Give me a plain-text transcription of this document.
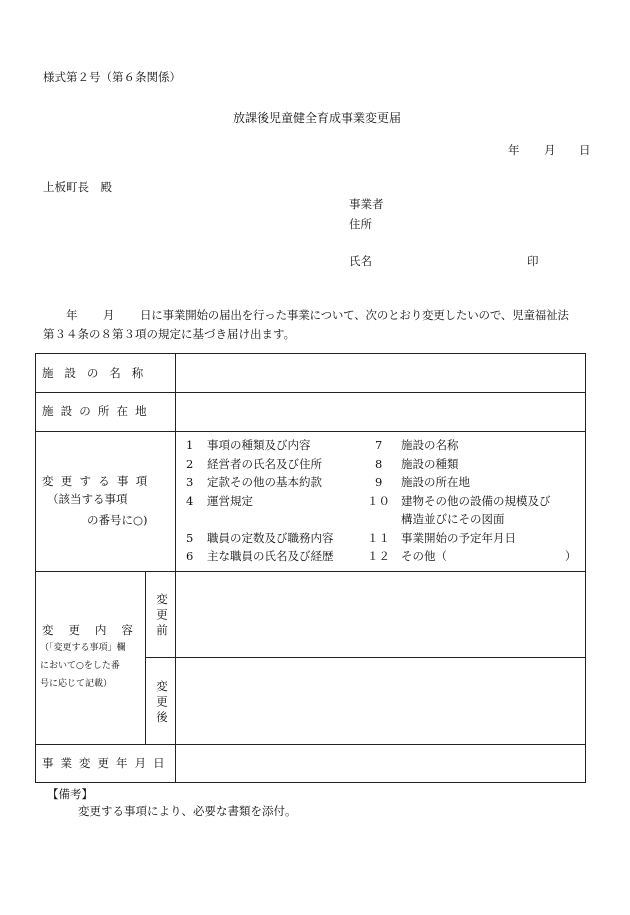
様式第２号（第６条関係）
放課後児童健全育成事業変更届
年 月 日
上板町長　殿
事業者
住所
氏名	印
年 月 日に事業開始の届出を行った事業について、次のとおり変更したいので、児童福祉法
第３４条の８第３項の規定に基づき届け出ます。
施設の名称
施設の所在地
変更する事項
（該当する事項
の番号に○)
1 事項の種類及び内容
2 経営者の氏名及び住所
3 定款その他の基本約款
4 運営規定
5 職員の定数及び職務内容
6 主な職員の氏名及び経歴
7 施設の名称
8 施設の種類
9 施設の所在地
１０ 建物その他の設備の規模及び
構造並びにその図面
１１ 事業開始の予定年月日
１２ その他（	）
変更内容
（「変更する事項」欄
において○をした番
号に応じて記載）
変更前
変更後
事業変更年月日
【備考】
変更する事項により、必要な書類を添付。
